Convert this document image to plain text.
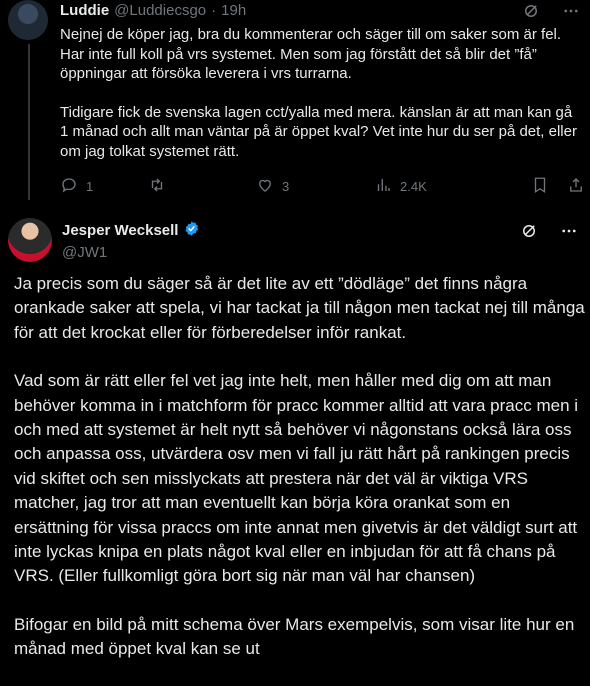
Luddie @Luddiecsgo · 19h

Nejnej de köper jag, bra du kommenterar och säger till om saker som är fel. Har inte full koll på vrs systemet. Men som jag förstått det så blir det ”få” öppningar att försöka leverera i vrs turrarna.

Tidigare fick de svenska lagen cct/yalla med mera. känslan är att man kan gå 1 månad och allt man väntar på är öppet kval? Vet inte hur du ser på det, eller om jag tolkat systemet rätt.

1	3	2.4K
Jesper Wecksell
@JW1

Ja precis som du säger så är det lite av ett ”dödläge” det finns några orankade saker att spela, vi har tackat ja till någon men tackat nej till många för att det krockat eller för förberedelser inför rankat.

Vad som är rätt eller fel vet jag inte helt, men håller med dig om att man behöver komma in i matchform för pracc kommer alltid att vara pracc men i och med att systemet är helt nytt så behöver vi någonstans också lära oss och anpassa oss, utvärdera osv men vi fall ju rätt hårt på rankingen precis vid skiftet och sen misslyckats att prestera när det väl är viktiga VRS matcher, jag tror att man eventuellt kan börja köra orankat som en ersättning för vissa praccs om inte annat men givetvis är det väldigt surt att inte lyckas knipa en plats något kval eller en inbjudan för att få chans på VRS. (Eller fullkomligt göra bort sig när man väl har chansen)

Bifogar en bild på mitt schema över Mars exempelvis, som visar lite hur en månad med öppet kval kan se ut
